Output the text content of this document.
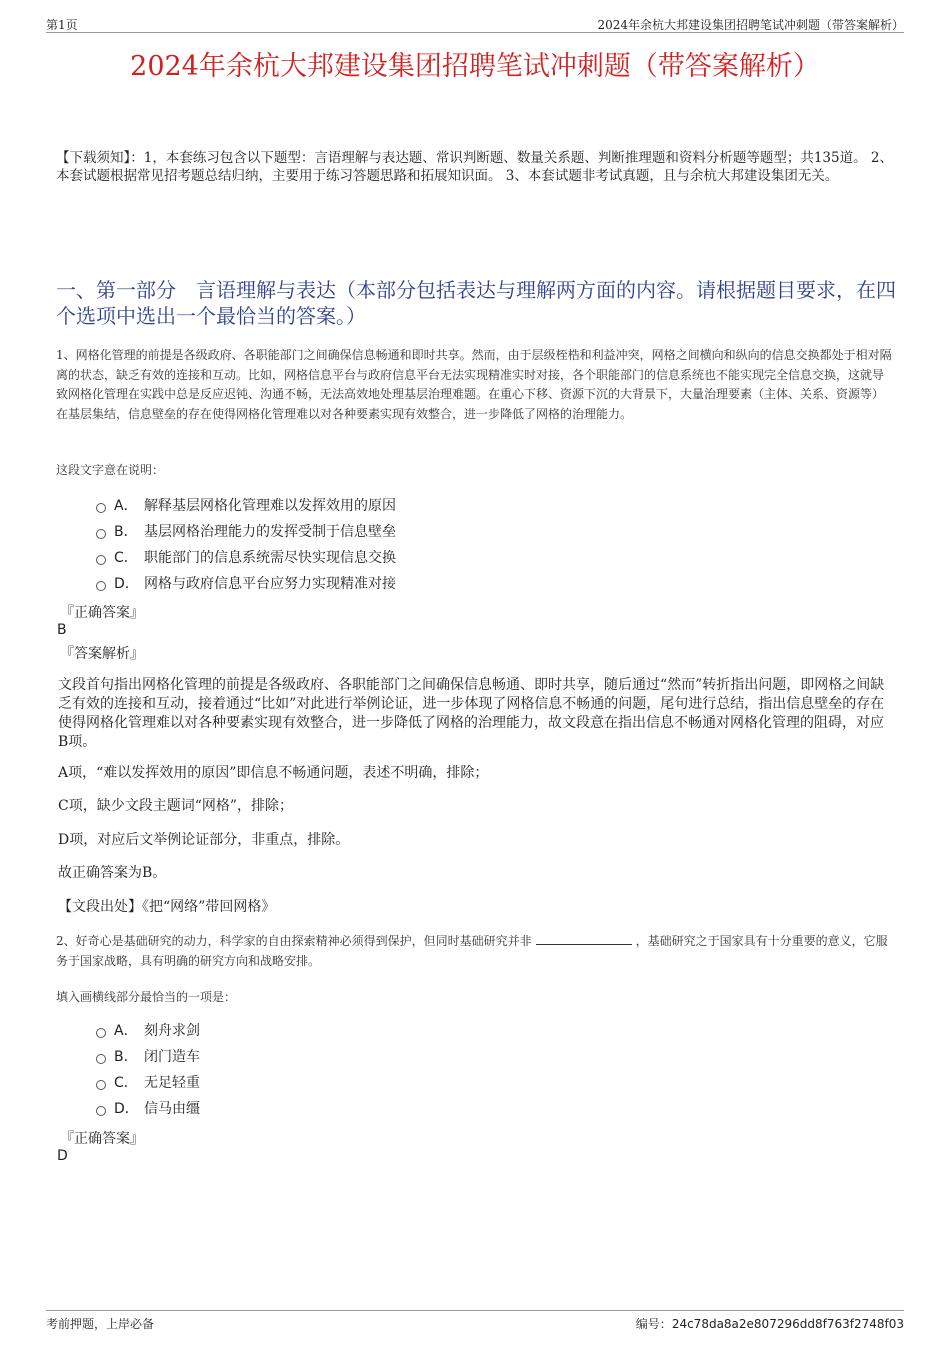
第1页	2024年余杭大邦建设集团招聘笔试冲刺题（带答案解析）
2024年余杭大邦建设集团招聘笔试冲刺题（带答案解析）
【下载须知】：1，本套练习包含以下题型：言语理解与表达题、常识判断题、数量关系题、判断推理题和资料分析题等题型；共135道。 2、本套试题根据常见招考题总结归纳，主要用于练习答题思路和拓展知识面。 3、本套试题非考试真题，且与余杭大邦建设集团无关。
一、第一部分　言语理解与表达（本部分包括表达与理解两方面的内容。请根据题目要求，在四个选项中选出一个最恰当的答案。）
1、网格化管理的前提是各级政府、各职能部门之间确保信息畅通和即时共享。然而，由于层级桎梏和利益冲突，网格之间横向和纵向的信息交换都处于相对隔离的状态，缺乏有效的连接和互动。比如，网格信息平台与政府信息平台无法实现精准实时对接，各个职能部门的信息系统也不能实现完全信息交换，这就导致网格化管理在实践中总是反应迟钝、沟通不畅，无法高效地处理基层治理难题。在重心下移、资源下沉的大背景下，大量治理要素（主体、关系、资源等）在基层集结，信息壁垒的存在使得网格化管理难以对各种要素实现有效整合，进一步降低了网格的治理能力。
这段文字意在说明：
A． 解释基层网格化管理难以发挥效用的原因
B． 基层网格治理能力的发挥受制于信息壁垒
C． 职能部门的信息系统需尽快实现信息交换
D． 网格与政府信息平台应努力实现精准对接
『正确答案』
B
『答案解析』
文段首句指出网格化管理的前提是各级政府、各职能部门之间确保信息畅通、即时共享，随后通过“然而”转折指出问题，即网格之间缺乏有效的连接和互动，接着通过“比如”对此进行举例论证，进一步体现了网格信息不畅通的问题，尾句进行总结，指出信息壁垒的存在使得网格化管理难以对各种要素实现有效整合，进一步降低了网格的治理能力，故文段意在指出信息不畅通对网格化管理的阻碍，对应B项。
A项，“难以发挥效用的原因”即信息不畅通问题，表述不明确，排除；
C项，缺少文段主题词“网格”，排除；
D项，对应后文举例论证部分，非重点，排除。
故正确答案为B。
【文段出处】《把“网络”带回网格》
2、好奇心是基础研究的动力，科学家的自由探索精神必须得到保护，但同时基础研究并非	，基础研究之于国家具有十分重要的意义，它服务于国家战略，具有明确的研究方向和战略安排。
填入画横线部分最恰当的一项是：
A． 刻舟求剑
B． 闭门造车
C． 无足轻重
D． 信马由缰
『正确答案』
D
考前押题，上岸必备	编号：24c78da8a2e807296dd8f763f2748f03
